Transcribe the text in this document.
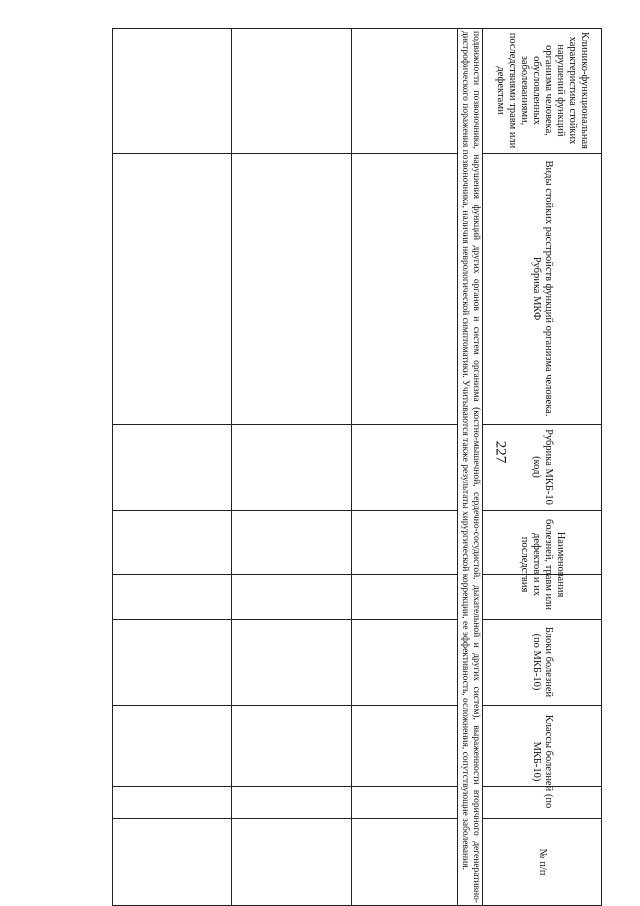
227
№ п/п
Классы болезней (по МКБ-10)
Блоки болезней (по МКБ-10)
Наименования болезней, травм или дефектов и их последствия
Рубрика МКБ-10 (код)
Виды стойких расстройств функций организма человека. Рубрика МКФ
Клинико-функциональная характеристика стойких нарушений функций организма человека, обусловленных заболеваниями, последствиями травм или дефектами
подвижности позвоночника, нарушения функций других органов и систем организма (костно-мышечной, сердечно-сосудистой, дыхательной и других систем), выраженности вторичного дегенеративно-дистрофического поражения позвоночника, наличия неврологической симптоматики. Учитываются также результаты хирургической коррекции, ее эффективность, осложнения, сопутствующие заболевания.
